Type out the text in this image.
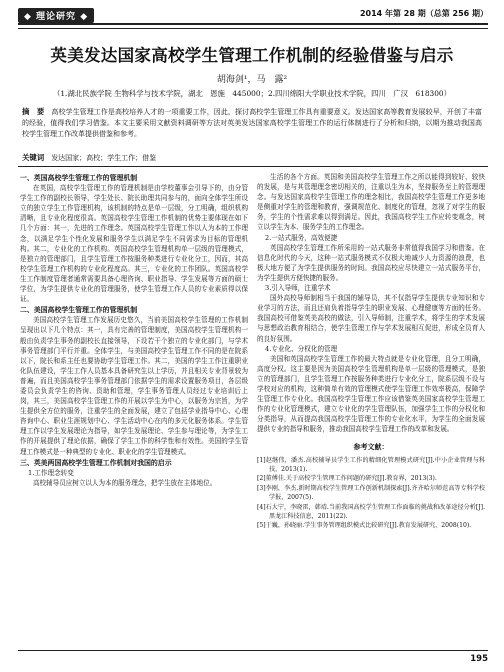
◆ 理论研究 ◆	2014 年第 28 期（总第 256 期）
英美发达国家高校学生管理工作机制的经验借鉴与启示
胡海剑¹，马　露²
（1.湖北民族学院 生物科学与技术学院，湖北　恩施　445000；2.四川绵阳大学职业技术学院，四川　广汉　618300）
摘　要　 高校学生管理工作是高校培养人才的一项重要工作，因此，探讨高校学生管理工作具有重要意义。发达国家高等教育发展较早，开创了丰富的经验，值得我们学习借鉴。本文主要采用文献资料调研等方法对英美发达国家高校学生管理工作的运行体制进行了分析和归纳，以期为推动我国高校学生管理工作改革提供借鉴和参考。
关键词　 发达国家；高校；学生工作；借鉴
一、英国高校学生管理工作的管理机制

在英国，高校学生管理工作的管理机制是由学校董事会引导下的，由分管学生工作的副校长领导，学生处长、院长助理共同参与的，面向全体学生所设立的独立学生工作管理机构，该机制的特点是单一层级，分工明确，组织机构清晰，且专业化程度很高。英国高校学生管理工作机制的优势主要体现在如下几个方面：其一，先进的工作理念。英国高校学生管理工作以人为本的工作理念，以满足学生个性化发展和服务学生以满足学生不同需求为目标的管理机构。其二，专业化的工作机构。英国高校学生管理机构单一层级的管理模式，是独立的管理部门，且学生管理工作按服务种类进行专业化分工，因而，其高校学生管理工作机构的专业化程度高。其三，专业化的工作团队。英国高校学生工作制度管理者通常需要具备心理咨询、职业指导、学生发展等方面的硕士学位，为学生提供专业化的管理服务，使学生管理工作人员的专业素质得以保证。

二、美国高校学生管理工作的管理机制

美国高校学生管理工作发展历史悠久，当前美国高校学生管理的工作机制呈现出以下几个特点：其一，具有完善的管理制度，美国高校学生管理机构一般由负责学生事务的副校长直接领导，下设若干个独立的专业化部门，与学术事务管理部门平行并重。全体学生，与美国高校学生管理工作不同的是在院系以下，院长和系主任也要协助学生管理工作。其二，美国的学生工作注重职业化队伍建设，学生工作人员基本具备研究生以上学历，并且相关专业背景较为普遍，而且美国高校学生事务管理部门依据学生的需求设置服务项目，各层级委员会负责学生的咨询、资助和管理，学生事务管理人员经过专业培训后上岗，其三，美国高校学生管理工作的开展以学生为中心，以服务为宗旨，为学生提供全方位的服务，注重学生的全面发展，建立了包括学业指导中心、心理咨询中心、职业生涯规划中心、学生活动中心在内的多元化服务体系。学生管理工作以学生发展理论为指导，如学生发展理论、学生参与理论等，为学生工作的开展提供了理论依据，确保了学生工作的科学性和有效性。美国的学生管理工作模式是一种典型的专业化、职业化的学生管理模式。

三、英美两国高校学生管理工作机制对我国的启示
1.工作理念转变

高校辅导员应树立以人为本的服务理念，把学生放在主体地位。

生活的各个方面。英国和美国高校学生管理工作之所以能得到较好、较快的发展，是与其管理理念密切相关的，注重以生为本，坚持服务至上的管理理念。与发达国家高校学生管理工作的理念相比，我国高校学生管理工作更多地是侧重对学生的管理和教育，强调规范化、制度化的管理，忽视了对学生的服务，学生的个性需求难以得到满足。因此，我国高校学生工作应转变观念，树立以学生为本、服务学生的工作理念。

2.一站式服务，高效便捷

英国高校学生管理工作所采用的一站式服务非常值得我国学习和借鉴。在信息化时代的今天，这种一站式服务模式不仅极大地减少人力资源的浪费，也极大地方便了为学生提供服务的时间。我国高校应尽快建立一站式服务平台，为学生提供方便快捷的服务。

3.引入导师，注重学术

国外高校导师制相当于我国的辅导员，其不仅指导学生提供专业知识和专业学习的方法，而且还肩负着指导学生的职业发展、心理健康等方面的任务。我国高校可借鉴英美高校的做法，引入导师制，注重学术，将学生的学术发展与思想政治教育相结合，使学生管理工作与学术发展相互促进，形成全员育人的良好氛围。

4.专业化、分权化的管理

美国和英国高校学生管理工作的最大特点就是专业化管理，且分工明确，高度分权。这主要是因为美国高校学生管理机构是单一层级的管理模式，是独立的管理部门，且学生管理工作按服务种类进行专业化分工，院系层级不设与学校对应的机构，这种简单有效的管理模式使学生管理工作效率极高，保障学生管理工作专业化。我国高校学生管理工作应该借鉴英美国家高校学生管理工作的专业化管理模式，建立专业化的学生管理队伍，加强学生工作的分权化和分类指导，从而提高我国高校学生管理工作的专业化水平，为学生的全面发展提供专业的指导和服务，推动我国高校学生管理工作的改革和发展。

参考文献：
[1]赵继伟，潘杰.高校辅导员学生工作的精细化管理模式研究[J].中小企业管理与科技，2013(1).
[2]董傅佳.关于高校学生管理工作问题的研究[J].教育界，2013(3).
[3]李刚，李杰.新时期高校学生管理工作创新机制探索[J].齐齐哈尔师范高等专科学校学报，2007(5).
[4]石大宁，李晓雷，韩靖.当前我国高校学生管理工作面临的挑战和改革途径分析[J].黑龙江科技信息，2011(22).
[5]于巍，孙晓丽.学生事务管理组织模式比较研究[J].教育发展研究，2008(10).
195
